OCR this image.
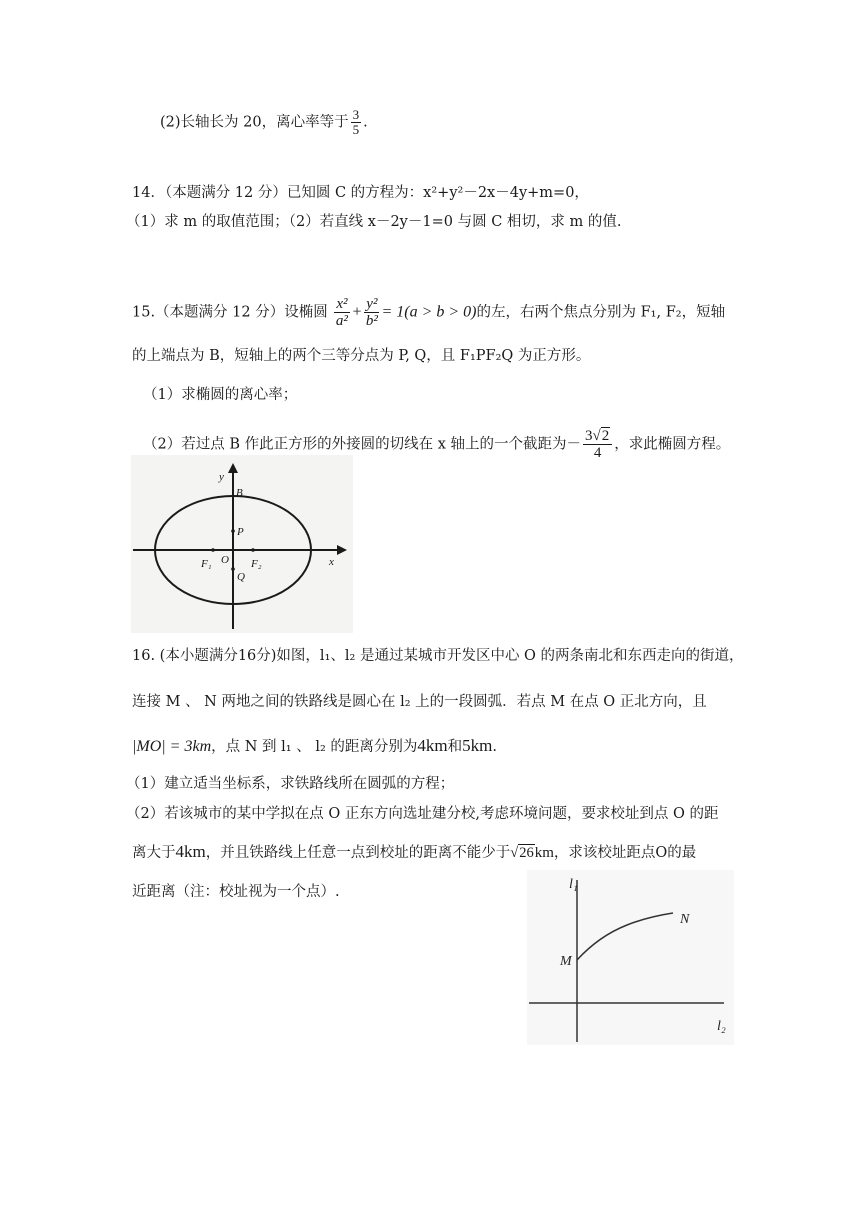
(2)长轴长为 20，离心率等于 $\frac{3}{5}$ .
14．（本题满分 12 分）已知圆 C 的方程为：x²+y²－2x－4y+m=0，
（1）求 m 的取值范围；（2）若直线 x－2y－1=0 与圆 C 相切，求 m 的值.
15.（本题满分 12 分）设椭圆 $\frac{\text{x²}}{\text{a²}} + \frac{\text{y²}}{\text{b²}} = 1(a > b > 0)$的左，右两个焦点分别为 F₁, F₂，短轴
的上端点为 B，短轴上的两个三等分点为 P, Q，且 F₁PF₂Q 为正方形。
（1）求椭圆的离心率；
（2）若过点 B 作此正方形的外接圆的切线在 x 轴上的一个截距为－ $\frac{3√2}{4}$ ，求此椭圆方程。
y
x
B
P
O
F₁	F₂
Q
16. (本小题满分16分)如图，l₁、l₂ 是通过某城市开发区中心 O 的两条南北和东西走向的街道，
连接 M 、 N 两地之间的铁路线是圆心在 l₂ 上的一段圆弧．若点 M 在点 O 正北方向，且
|MO| = 3km，点 N 到 l₁ 、 l₂ 的距离分别为4km和5km.
（1）建立适当坐标系，求铁路线所在圆弧的方程；
（2）若该城市的某中学拟在点 O 正东方向选址建分校,考虑环境问题，要求校址到点 O 的距
离大于4km，并且铁路线上任意一点到校址的距离不能少于√26km，求该校址距点O的最
近距离（注：校址视为一个点）.	l₁
l₂
M
N
